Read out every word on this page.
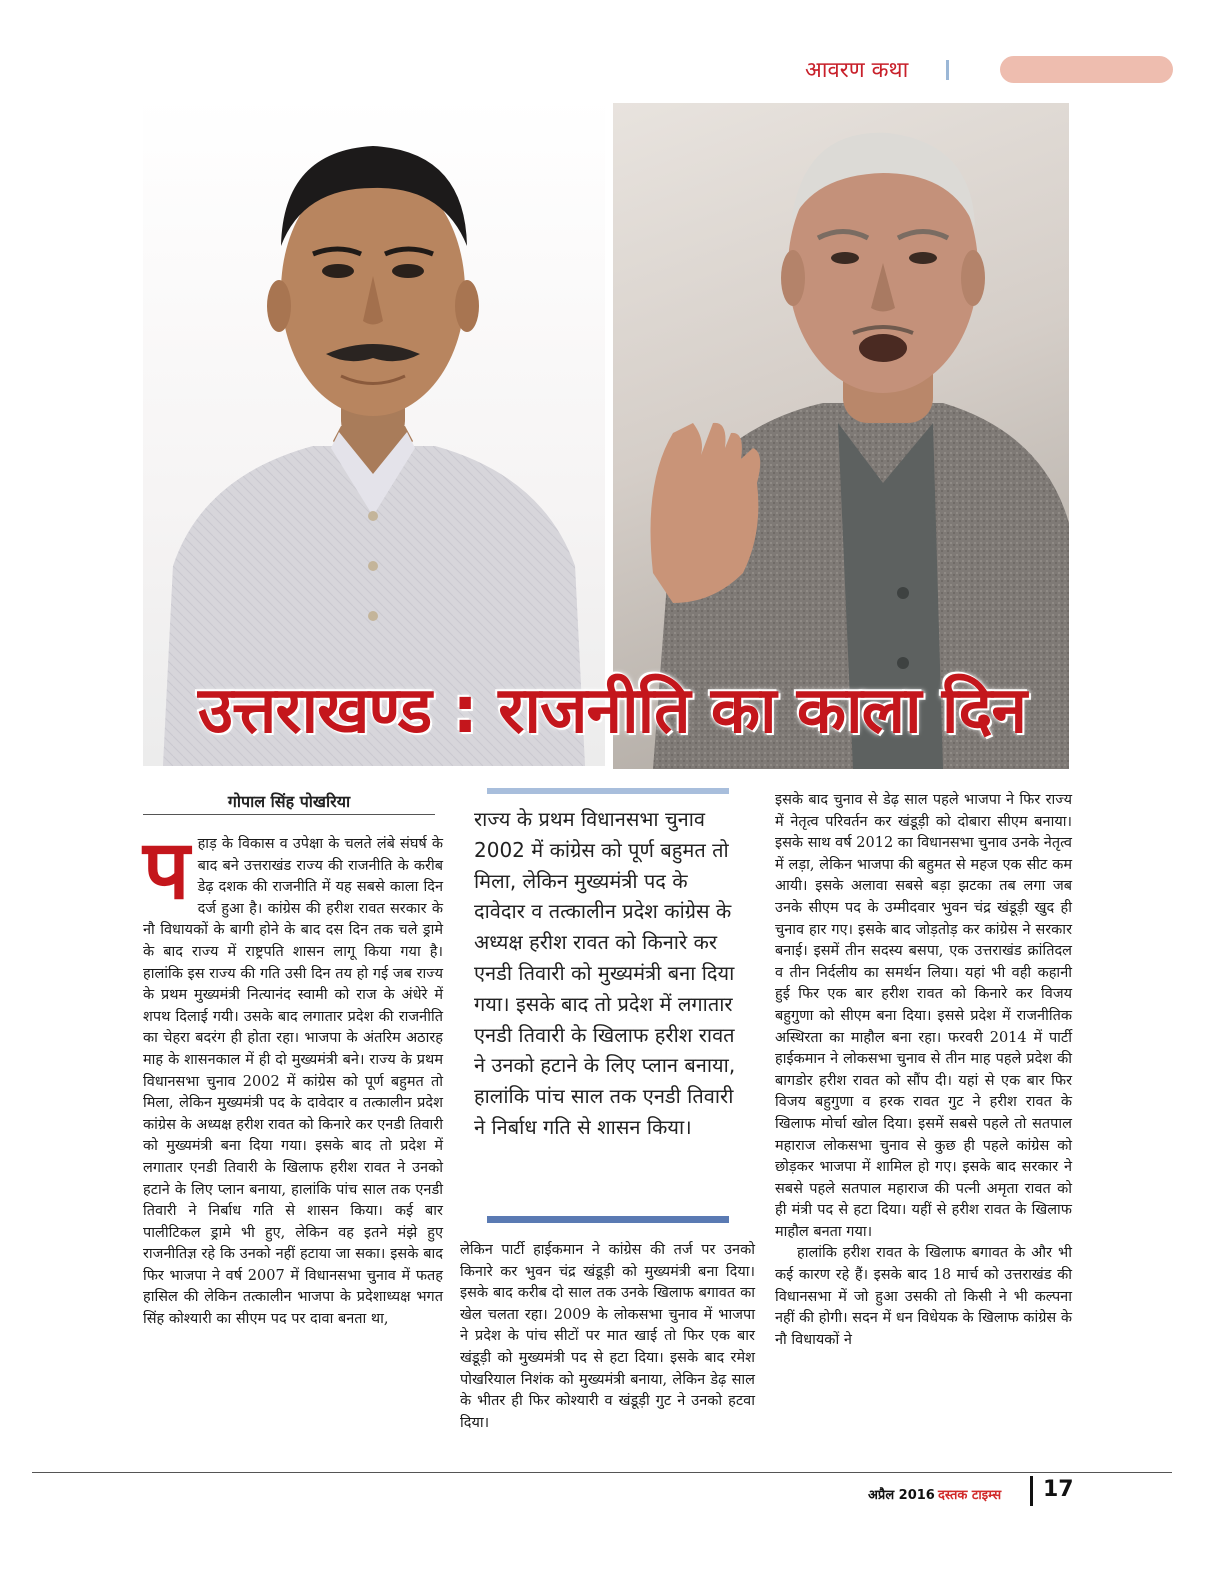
आवरण कथा
उत्तराखण्ड : राजनीति का काला दिन
गोपाल सिंह पोखरिया

पहाड़ के विकास व उपेक्षा के चलते लंबे संघर्ष के बाद बने उत्तराखंड राज्य की राजनीति के करीब डेढ़ दशक की राजनीति में यह सबसे काला दिन दर्ज हुआ है। कांग्रेस की हरीश रावत सरकार के नौ विधायकों के बागी होने के बाद दस दिन तक चले ड्रामे के बाद राज्य में राष्ट्रपति शासन लागू किया गया है। हालांकि इस राज्य की गति उसी दिन तय हो गई जब राज्य के प्रथम मुख्यमंत्री नित्यानंद स्वामी को राज के अंधेरे में शपथ दिलाई गयी। उसके बाद लगातार प्रदेश की राजनीति का चेहरा बदरंग ही होता रहा। भाजपा के अंतरिम अठारह माह के शासनकाल में ही दो मुख्यमंत्री बने। राज्य के प्रथम विधानसभा चुनाव 2002 में कांग्रेस को पूर्ण बहुमत तो मिला, लेकिन मुख्यमंत्री पद के दावेदार व तत्कालीन प्रदेश कांग्रेस के अध्यक्ष हरीश रावत को किनारे कर एनडी तिवारी को मुख्यमंत्री बना दिया गया। इसके बाद तो प्रदेश में लगातार एनडी तिवारी के खिलाफ हरीश रावत ने उनको हटाने के लिए प्लान बनाया, हालांकि पांच साल तक एनडी तिवारी ने निर्बाध गति से शासन किया। कई बार पालीटिकल ड्रामे भी हुए, लेकिन वह इतने मंझे हुए राजनीतिज्ञ रहे कि उनको नहीं हटाया जा सका। इसके बाद फिर भाजपा ने वर्ष 2007 में विधानसभा चुनाव में फतह हासिल की लेकिन तत्कालीन भाजपा के प्रदेशाध्यक्ष भगत सिंह कोश्यारी का सीएम पद पर दावा बनता था,

राज्य के प्रथम विधानसभा चुनाव 2002 में कांग्रेस को पूर्ण बहुमत तो मिला, लेकिन मुख्यमंत्री पद के दावेदार व तत्कालीन प्रदेश कांग्रेस के अध्यक्ष हरीश रावत को किनारे कर एनडी तिवारी को मुख्यमंत्री बना दिया गया। इसके बाद तो प्रदेश में लगातार एनडी तिवारी के खिलाफ हरीश रावत ने उनको हटाने के लिए प्लान बनाया, हालांकि पांच साल तक एनडी तिवारी ने निर्बाध गति से शासन किया।

लेकिन पार्टी हाईकमान ने कांग्रेस की तर्ज पर उनको किनारे कर भुवन चंद्र खंडूड़ी को मुख्यमंत्री बना दिया। इसके बाद करीब दो साल तक उनके खिलाफ बगावत का खेल चलता रहा। 2009 के लोकसभा चुनाव में भाजपा ने प्रदेश के पांच सीटों पर मात खाई तो फिर एक बार खंडूड़ी को मुख्यमंत्री पद से हटा दिया। इसके बाद रमेश पोखरियाल निशंक को मुख्यमंत्री बनाया, लेकिन डेढ़ साल के भीतर ही फिर कोश्यारी व खंडूड़ी गुट ने उनको हटवा दिया।

इसके बाद चुनाव से डेढ़ साल पहले भाजपा ने फिर राज्य में नेतृत्व परिवर्तन कर खंडूड़ी को दोबारा सीएम बनाया। इसके साथ वर्ष 2012 का विधानसभा चुनाव उनके नेतृत्व में लड़ा, लेकिन भाजपा की बहुमत से महज एक सीट कम आयी। इसके अलावा सबसे बड़ा झटका तब लगा जब उनके सीएम पद के उम्मीदवार भुवन चंद्र खंडूड़ी खुद ही चुनाव हार गए। इसके बाद जोड़तोड़ कर कांग्रेस ने सरकार बनाई। इसमें तीन सदस्य बसपा, एक उत्तराखंड क्रांतिदल व तीन निर्दलीय का समर्थन लिया। यहां भी वही कहानी हुई फिर एक बार हरीश रावत को किनारे कर विजय बहुगुणा को सीएम बना दिया। इससे प्रदेश में राजनीतिक अस्थिरता का माहौल बना रहा। फरवरी 2014 में पार्टी हाईकमान ने लोकसभा चुनाव से तीन माह पहले प्रदेश की बागडोर हरीश रावत को सौंप दी। यहां से एक बार फिर विजय बहुगुणा व हरक रावत गुट ने हरीश रावत के खिलाफ मोर्चा खोल दिया। इसमें सबसे पहले तो सतपाल महाराज लोकसभा चुनाव से कुछ ही पहले कांग्रेस को छोड़कर भाजपा में शामिल हो गए। इसके बाद सरकार ने सबसे पहले सतपाल महाराज की पत्नी अमृता रावत को ही मंत्री पद से हटा दिया। यहीं से हरीश रावत के खिलाफ माहौल बनता गया।

हालांकि हरीश रावत के खिलाफ बगावत के और भी कई कारण रहे हैं। इसके बाद 18 मार्च को उत्तराखंड की विधानसभा में जो हुआ उसकी तो किसी ने भी कल्पना नहीं की होगी। सदन में धन विधेयक के खिलाफ कांग्रेस के नौ विधायकों ने

अप्रैल 2016 दस्तक टाइम्स 17
